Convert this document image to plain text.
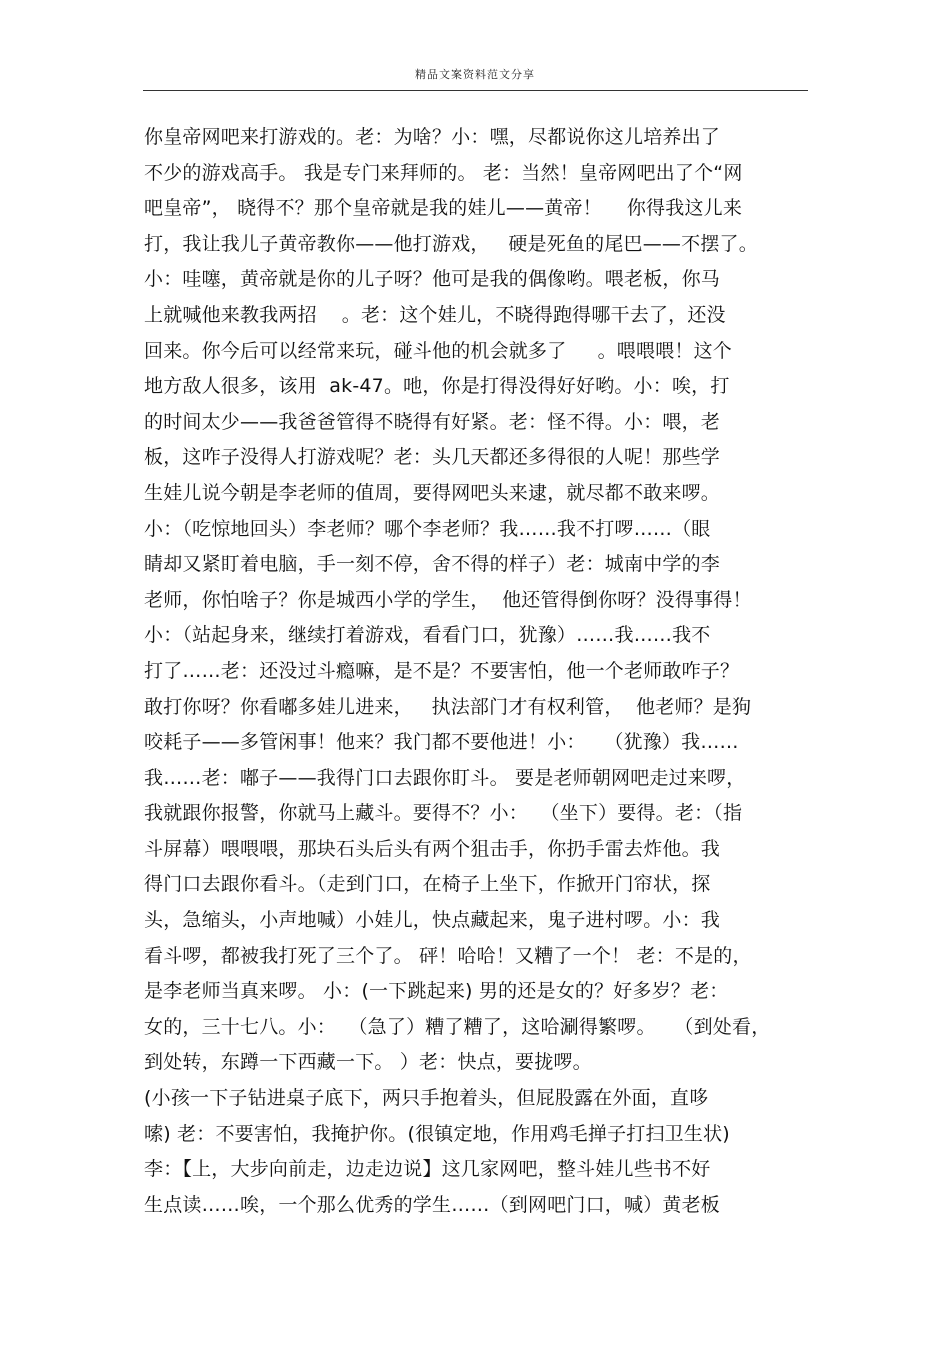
精品文案资料范文分享
你皇帝网吧来打游戏的。老：为啥？小：嘿，尽都说你这儿培养出了
不少的游戏高手。 我是专门来拜师的。 老：当然！皇帝网吧出了个“网
吧皇帝”， 晓得不？那个皇帝就是我的娃儿——黄帝！    你得我这儿来
打，我让我儿子黄帝教你——他打游戏，   硬是死鱼的尾巴——不摆了。
小：哇噻，黄帝就是你的儿子呀？他可是我的偶像哟。喂老板，你马
上就喊他来教我两招    。老：这个娃儿，不晓得跑得哪干去了，还没
回来。你今后可以经常来玩，碰斗他的机会就多了     。喂喂喂！这个
地方敌人很多，该用  ak-47。吔，你是打得没得好好哟。小：唉，打
的时间太少——我爸爸管得不晓得有好紧。老：怪不得。小：喂，老
板，这咋子没得人打游戏呢？老：头几天都还多得很的人呢！那些学
生娃儿说今朝是李老师的值周，要得网吧头来逮，就尽都不敢来啰。
小：（吃惊地回头）李老师？哪个李老师？我……我不打啰……（眼
睛却又紧盯着电脑，手一刻不停，舍不得的样子）老：城南中学的李
老师，你怕啥子？你是城西小学的学生，  他还管得倒你呀？没得事得！
小：（站起身来，继续打着游戏，看看门口，犹豫）……我……我不
打了……老：还没过斗瘾嘛，是不是？不要害怕，他一个老师敢咋子？
敢打你呀？你看嘟多娃儿进来，   执法部门才有权利管，  他老师？是狗
咬耗子——多管闲事！他来？我门都不要他进！小：   （犹豫）我……
我……老：嘟子——我得门口去跟你盯斗。 要是老师朝网吧走过来啰，
我就跟你报警，你就马上藏斗。要得不？小：  （坐下）要得。老：（指
斗屏幕）喂喂喂，那块石头后头有两个狙击手，你扔手雷去炸他。我
得门口去跟你看斗。（走到门口，在椅子上坐下，作掀开门帘状，探
头，急缩头，小声地喊）小娃儿，快点藏起来，鬼子进村啰。小：我
看斗啰，都被我打死了三个了。 砰！哈哈！又糟了一个！ 老：不是的，
是李老师当真来啰。 小：(一下跳起来) 男的还是女的？好多岁？老：
女的，三十七八。小：  （急了）糟了糟了，这哈涮得繁啰。   （到处看，
到处转，东蹲一下西藏一下。 ）老：快点，要拢啰。
(小孩一下子钻进桌子底下，两只手抱着头，但屁股露在外面，直哆
嗦) 老：不要害怕，我掩护你。(很镇定地，作用鸡毛掸子打扫卫生状)
李：【上，大步向前走，边走边说】这几家网吧，整斗娃儿些书不好
生点读……唉，一个那么优秀的学生……（到网吧门口，喊）黄老板
